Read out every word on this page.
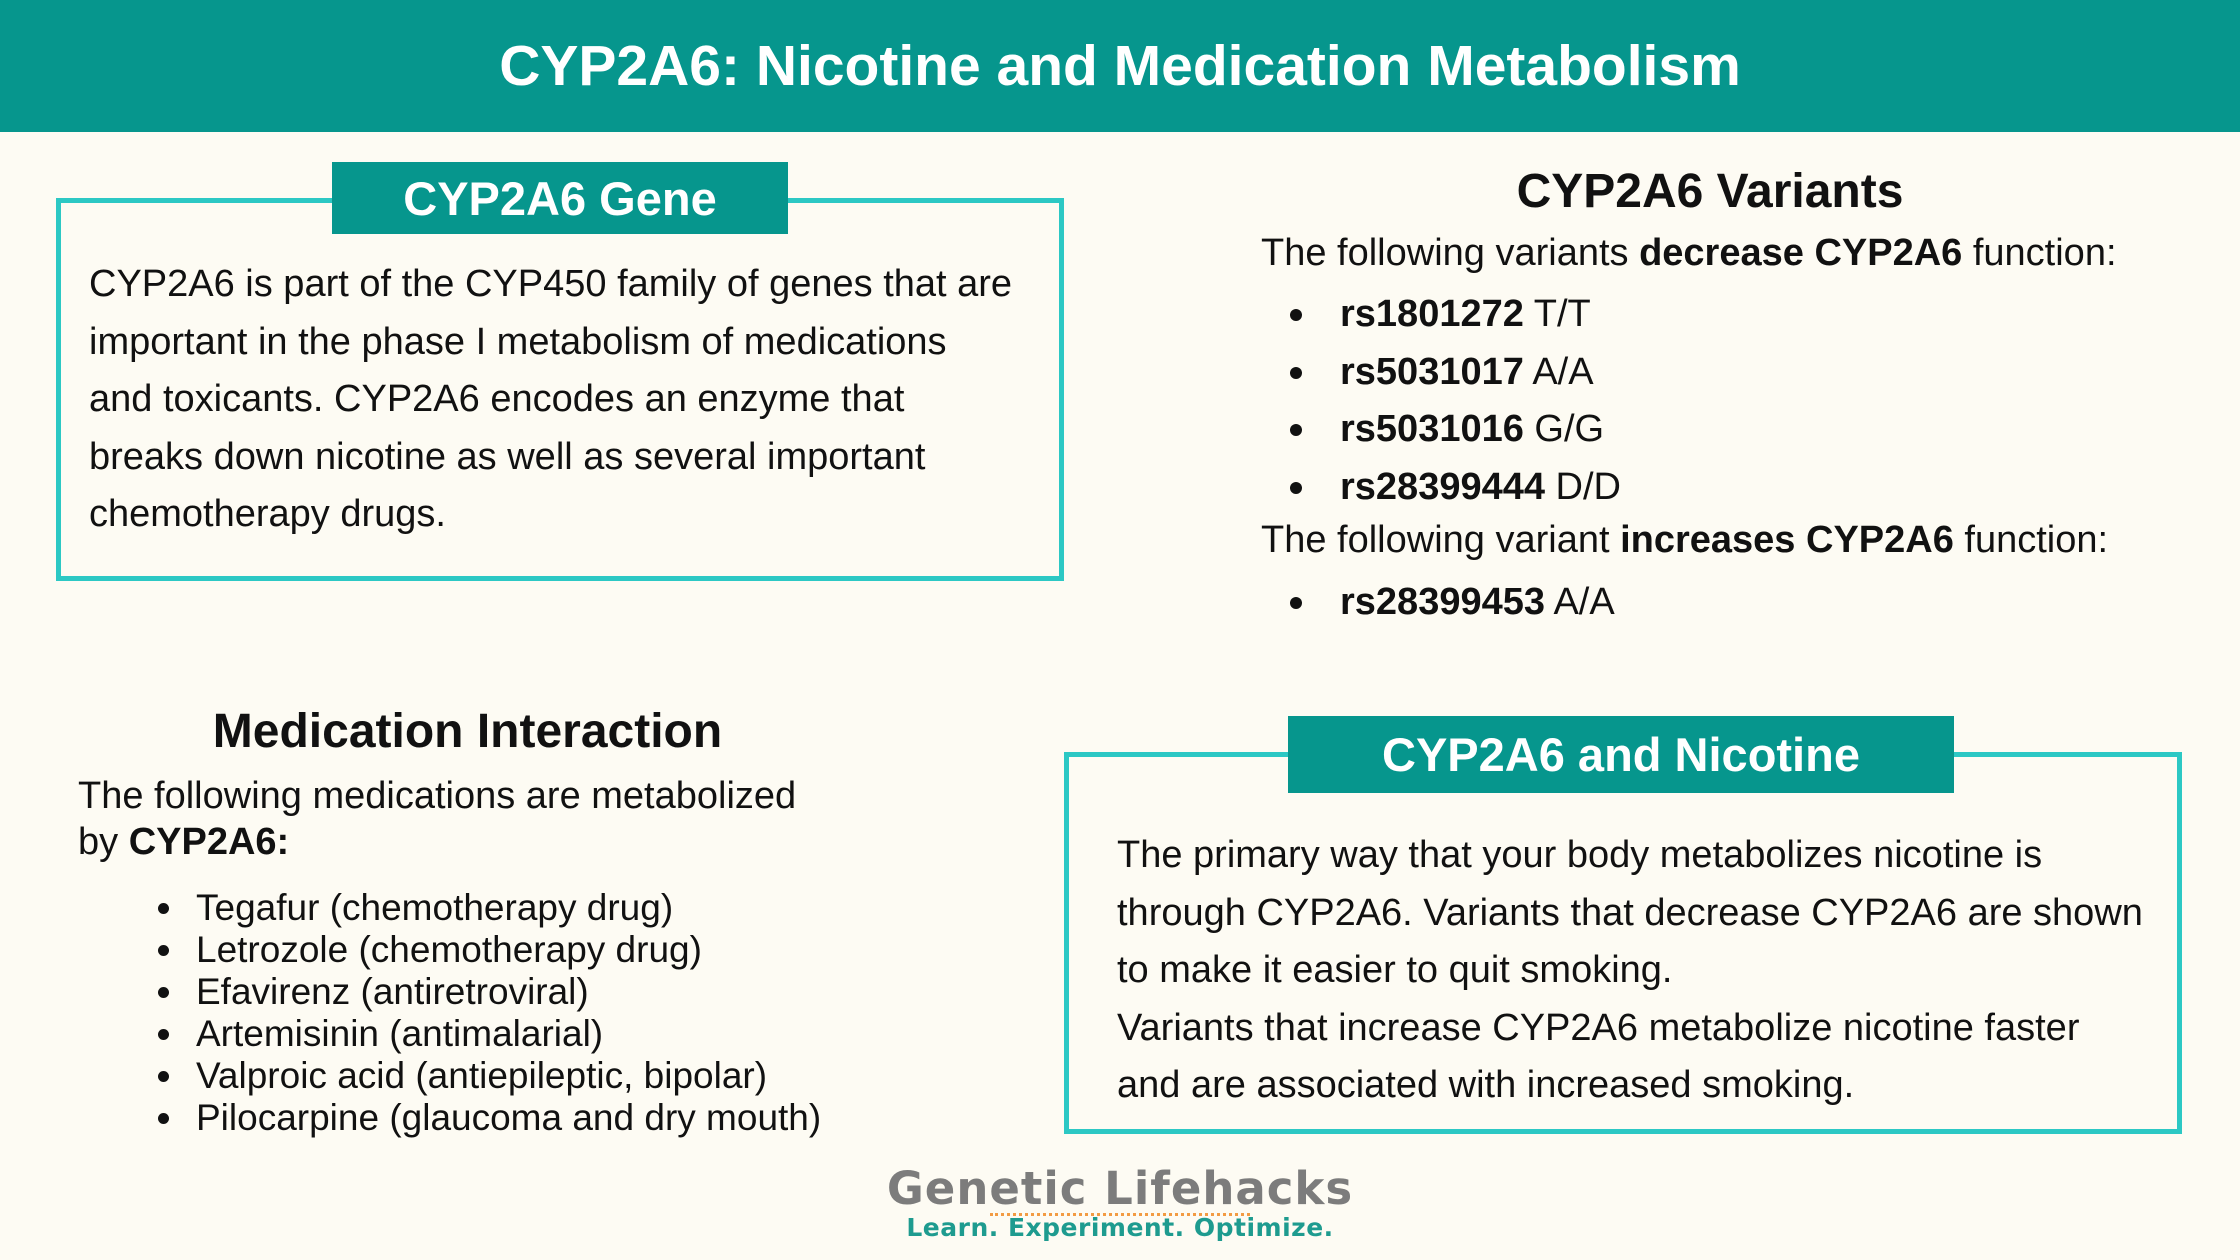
CYP2A6: Nicotine and Medication Metabolism
CYP2A6 Gene
CYP2A6 is part of the CYP450 family of genes that are
important in the phase I metabolism of medications
and toxicants. CYP2A6 encodes an enzyme that
breaks down nicotine as well as several important
chemotherapy drugs.
CYP2A6 Variants
The following variants decrease CYP2A6 function:
rs1801272 T/T
rs5031017 A/A
rs5031016 G/G
rs28399444 D/D
The following variant increases CYP2A6 function:
rs28399453 A/A
Medication Interaction
The following medications are metabolized
by CYP2A6:
Tegafur (chemotherapy drug)
Letrozole (chemotherapy drug)
Efavirenz (antiretroviral)
Artemisinin (antimalarial)
Valproic acid (antiepileptic, bipolar)
Pilocarpine (glaucoma and dry mouth)
CYP2A6 and Nicotine
The primary way that your body metabolizes nicotine is
through CYP2A6. Variants that decrease CYP2A6 are shown
to make it easier to quit smoking.
Variants that increase CYP2A6 metabolize nicotine faster
and are associated with increased smoking.
Genetic Lifehacks
Learn. Experiment. Optimize.
